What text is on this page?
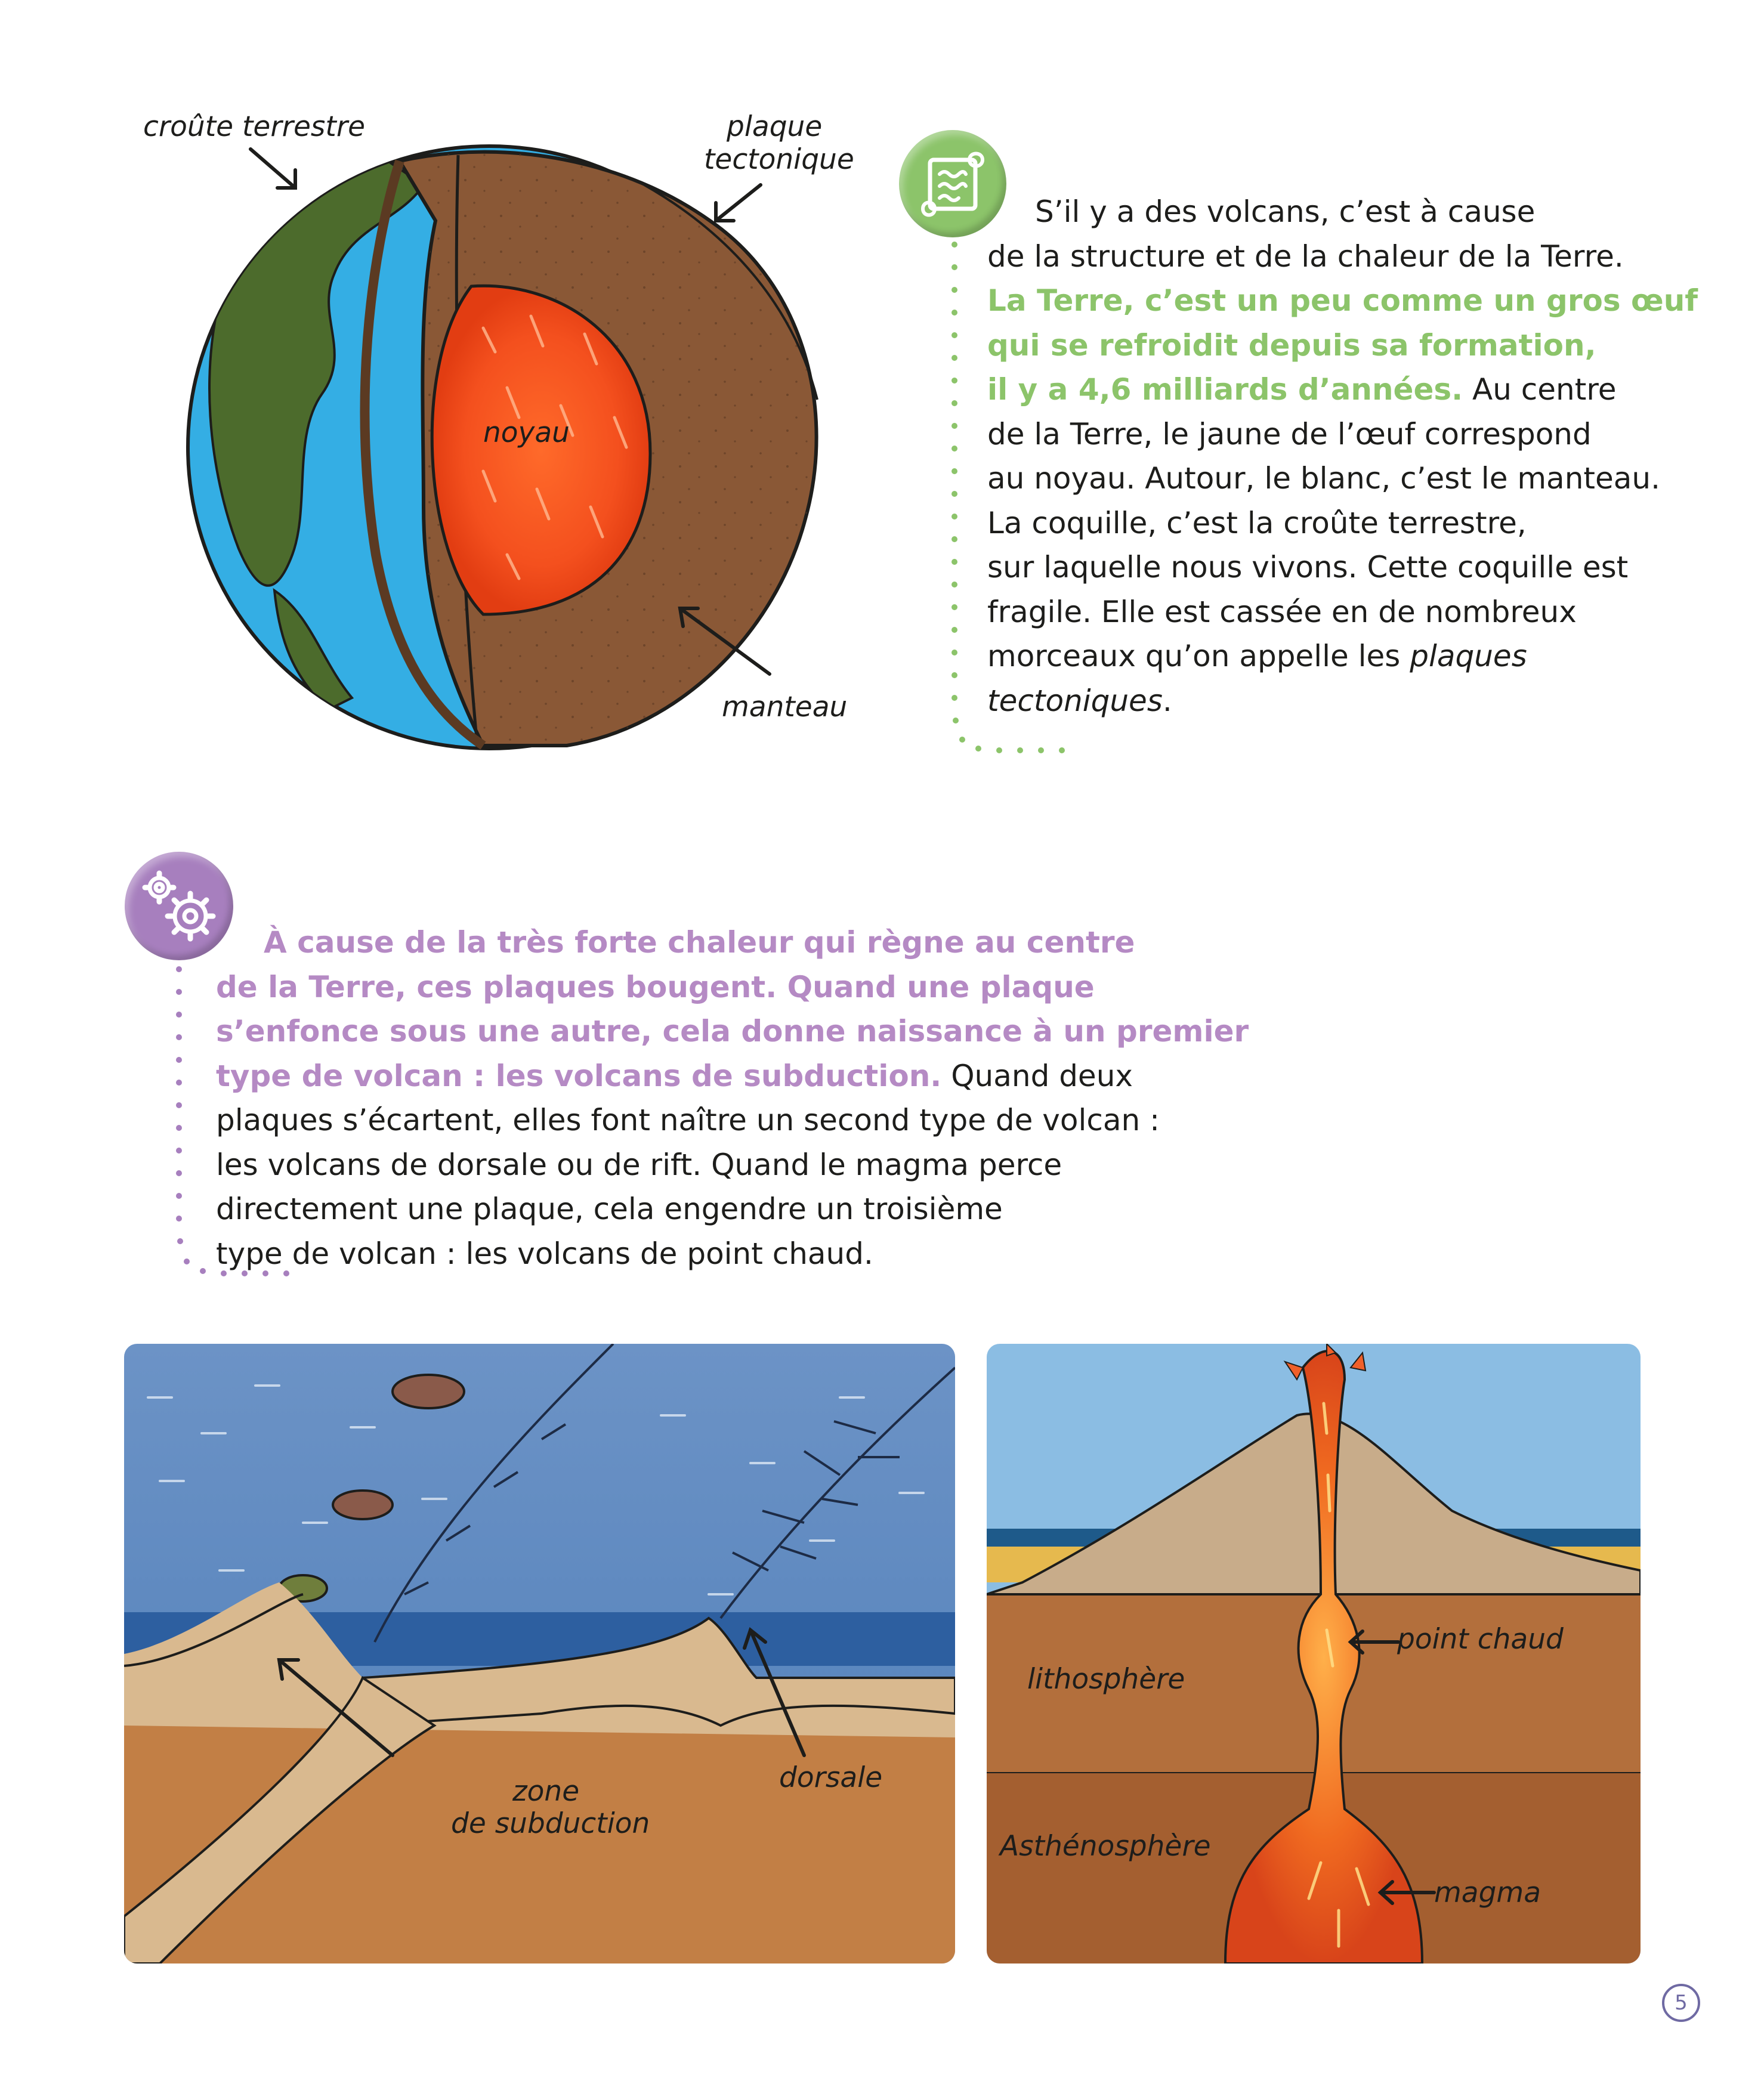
croûte terrestre	plaque
tectonique
noyau
manteau
S’il y a des volcans, c’est à cause
de la structure et de la chaleur de la Terre.
La Terre, c’est un peu comme un gros œuf
qui se refroidit depuis sa formation,
il y a 4,6 milliards d’années. Au centre
de la Terre, le jaune de l’œuf correspond
au noyau. Autour, le blanc, c’est le manteau.
La coquille, c’est la croûte terrestre,
sur laquelle nous vivons. Cette coquille est
fragile. Elle est cassée en de nombreux
morceaux qu’on appelle les plaques
tectoniques.
À cause de la très forte chaleur qui règne au centre
de la Terre, ces plaques bougent. Quand une plaque
s’enfonce sous une autre, cela donne naissance à un premier
type de volcan : les volcans de subduction. Quand deux
plaques s’écartent, elles font naître un second type de volcan :
les volcans de dorsale ou de rift. Quand le magma perce
directement une plaque, cela engendre un troisième
type de volcan : les volcans de point chaud.
zone
de subduction
dorsale
point chaud
lithosphère
Asthénosphère
magma
5
